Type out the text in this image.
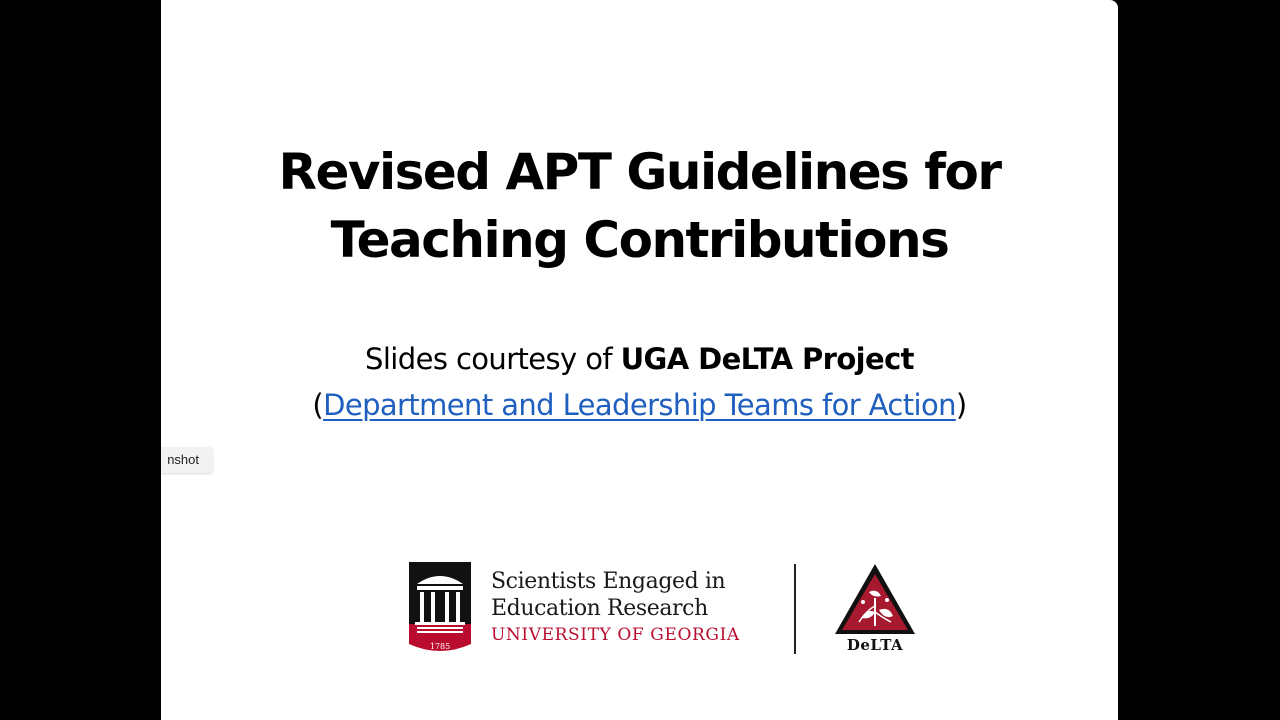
Revised APT Guidelines for
Teaching Contributions
Slides courtesy of UGA DeLTA Project
(Department and Leadership Teams for Action)
nshot
1785
Scientists Engaged in
Education Research
UNIVERSITY OF GEORGIA	DeLTA
